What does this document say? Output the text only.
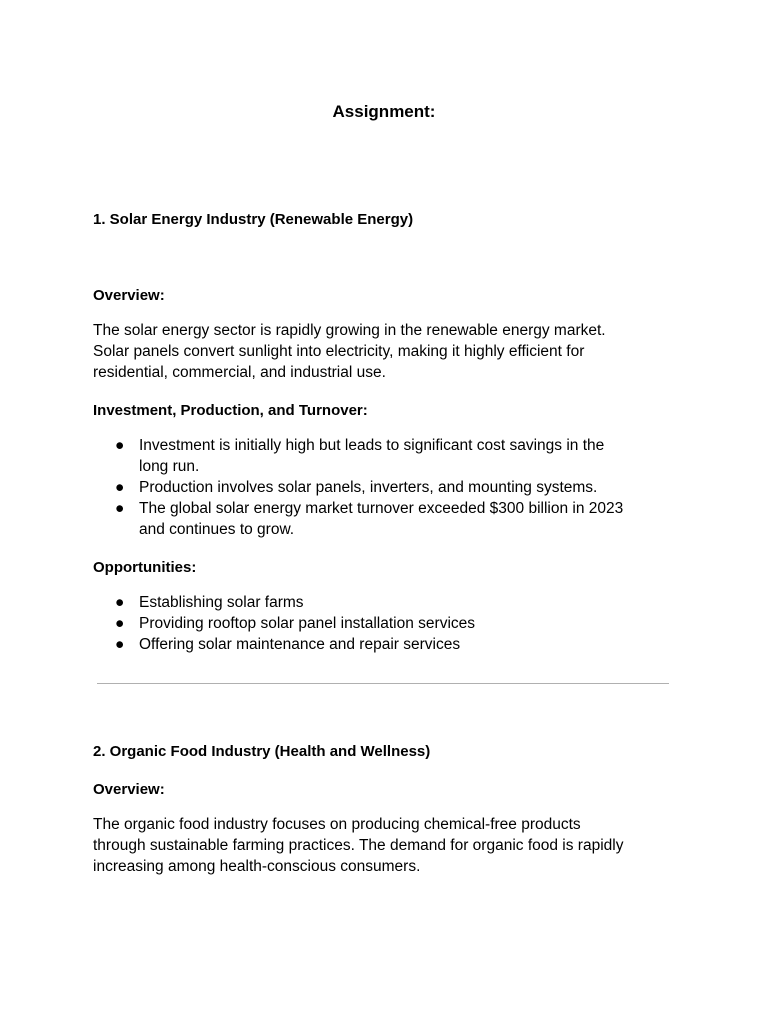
Assignment:
1. Solar Energy Industry (Renewable Energy)
Overview:
The solar energy sector is rapidly growing in the renewable energy market.
Solar panels convert sunlight into electricity, making it highly efficient for
residential, commercial, and industrial use.
Investment, Production, and Turnover:
● Investment is initially high but leads to significant cost savings in the
long run.
● Production involves solar panels, inverters, and mounting systems.
● The global solar energy market turnover exceeded $300 billion in 2023
and continues to grow.
Opportunities:
● Establishing solar farms
● Providing rooftop solar panel installation services
● Offering solar maintenance and repair services
2. Organic Food Industry (Health and Wellness)
Overview:
The organic food industry focuses on producing chemical-free products
through sustainable farming practices. The demand for organic food is rapidly
increasing among health-conscious consumers.
